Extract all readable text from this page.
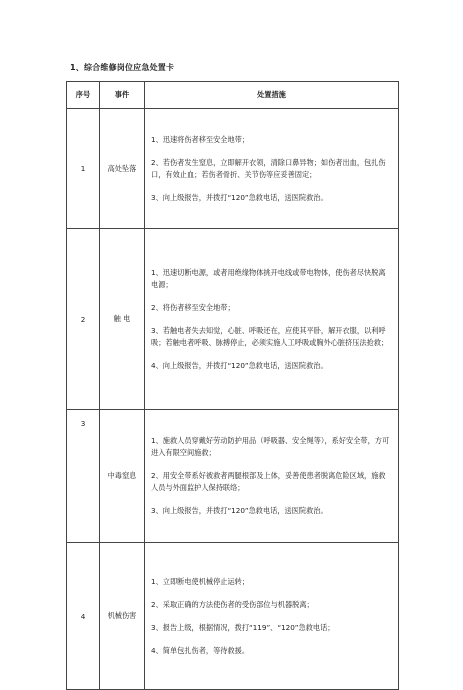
1、综合维修岗位应急处置卡
序号	事件	处置措施
1	高处坠落	1、迅速将伤者移至安全地带；
2、若伤者发生窒息，立即解开衣领，清除口鼻异物；如伤者出血，包扎伤口，有效止血；若伤者骨折、关节伤等应妥善固定；
3、向上级报告，并拨打“120”急救电话，送医院救治。

2	触 电	1、迅速切断电源，或者用绝缘物体挑开电线或带电物体，使伤者尽快脱离电源；
2、将伤者移至安全地带；
3、若触电者失去知觉，心脏、呼吸还在，应使其平卧，解开衣服，以利呼吸；若触电者呼吸、脉搏停止，必须实施人工呼吸或胸外心脏挤压法抢救；
4、向上级报告，并拨打“120”急救电话，送医院救治。

3	中毒窒息	1、施救人员穿戴好劳动防护用品（呼吸器、安全绳等），系好安全带，方可进入有限空间施救；
2、用安全带系好被救者两腿根部及上体，妥善使患者脱离危险区域，施救人员与外面监护人保持联络；
3、向上级报告，并拨打“120”急救电话，送医院救治。

4	机械伤害	1、立即断电使机械停止运转；
2、采取正确的方法使伤者的受伤部位与机器脱离；
3、报告上级，根据情况，拨打“119”、“120”急救电话；
4、简单包扎伤者，等待救援。
